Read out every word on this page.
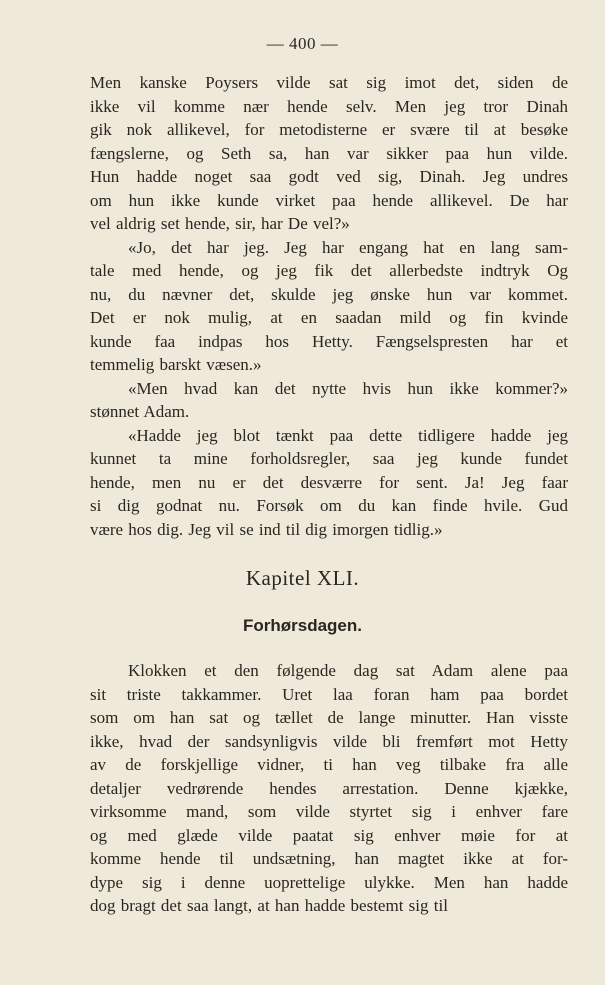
— 400 —
Men kanske Poysers vilde sat sig imot det, siden de
ikke vil komme nær hende selv. Men jeg tror Dinah
gik nok allikevel, for metodisterne er svære til at besøke
fængslerne, og Seth sa, han var sikker paa hun vilde.
Hun hadde noget saa godt ved sig, Dinah. Jeg undres
om hun ikke kunde virket paa hende allikevel. De har
vel aldrig set hende, sir, har De vel?»
«Jo, det har jeg. Jeg har engang hat en lang sam-
tale med hende, og jeg fik det allerbedste indtryk Og
nu, du nævner det, skulde jeg ønske hun var kommet.
Det er nok mulig, at en saadan mild og fin kvinde
kunde faa indpas hos Hetty. Fængselspresten har et
temmelig barskt væsen.»
«Men hvad kan det nytte hvis hun ikke kommer?»
stønnet Adam.
«Hadde jeg blot tænkt paa dette tidligere hadde jeg
kunnet ta mine forholdsregler, saa jeg kunde fundet
hende, men nu er det desværre for sent. Ja! Jeg faar
si dig godnat nu. Forsøk om du kan finde hvile. Gud
være hos dig. Jeg vil se ind til dig imorgen tidlig.»
Kapitel XLI.
Forhørsdagen.
Klokken et den følgende dag sat Adam alene paa
sit triste takkammer. Uret laa foran ham paa bordet
som om han sat og tællet de lange minutter. Han visste
ikke, hvad der sandsynligvis vilde bli fremført mot Hetty
av de forskjellige vidner, ti han veg tilbake fra alle
detaljer vedrørende hendes arrestation. Denne kjække,
virksomme mand, som vilde styrtet sig i enhver fare
og med glæde vilde paatat sig enhver møie for at
komme hende til undsætning, han magtet ikke at for-
dype sig i denne uoprettelige ulykke. Men han hadde
dog bragt det saa langt, at han hadde bestemt sig til
